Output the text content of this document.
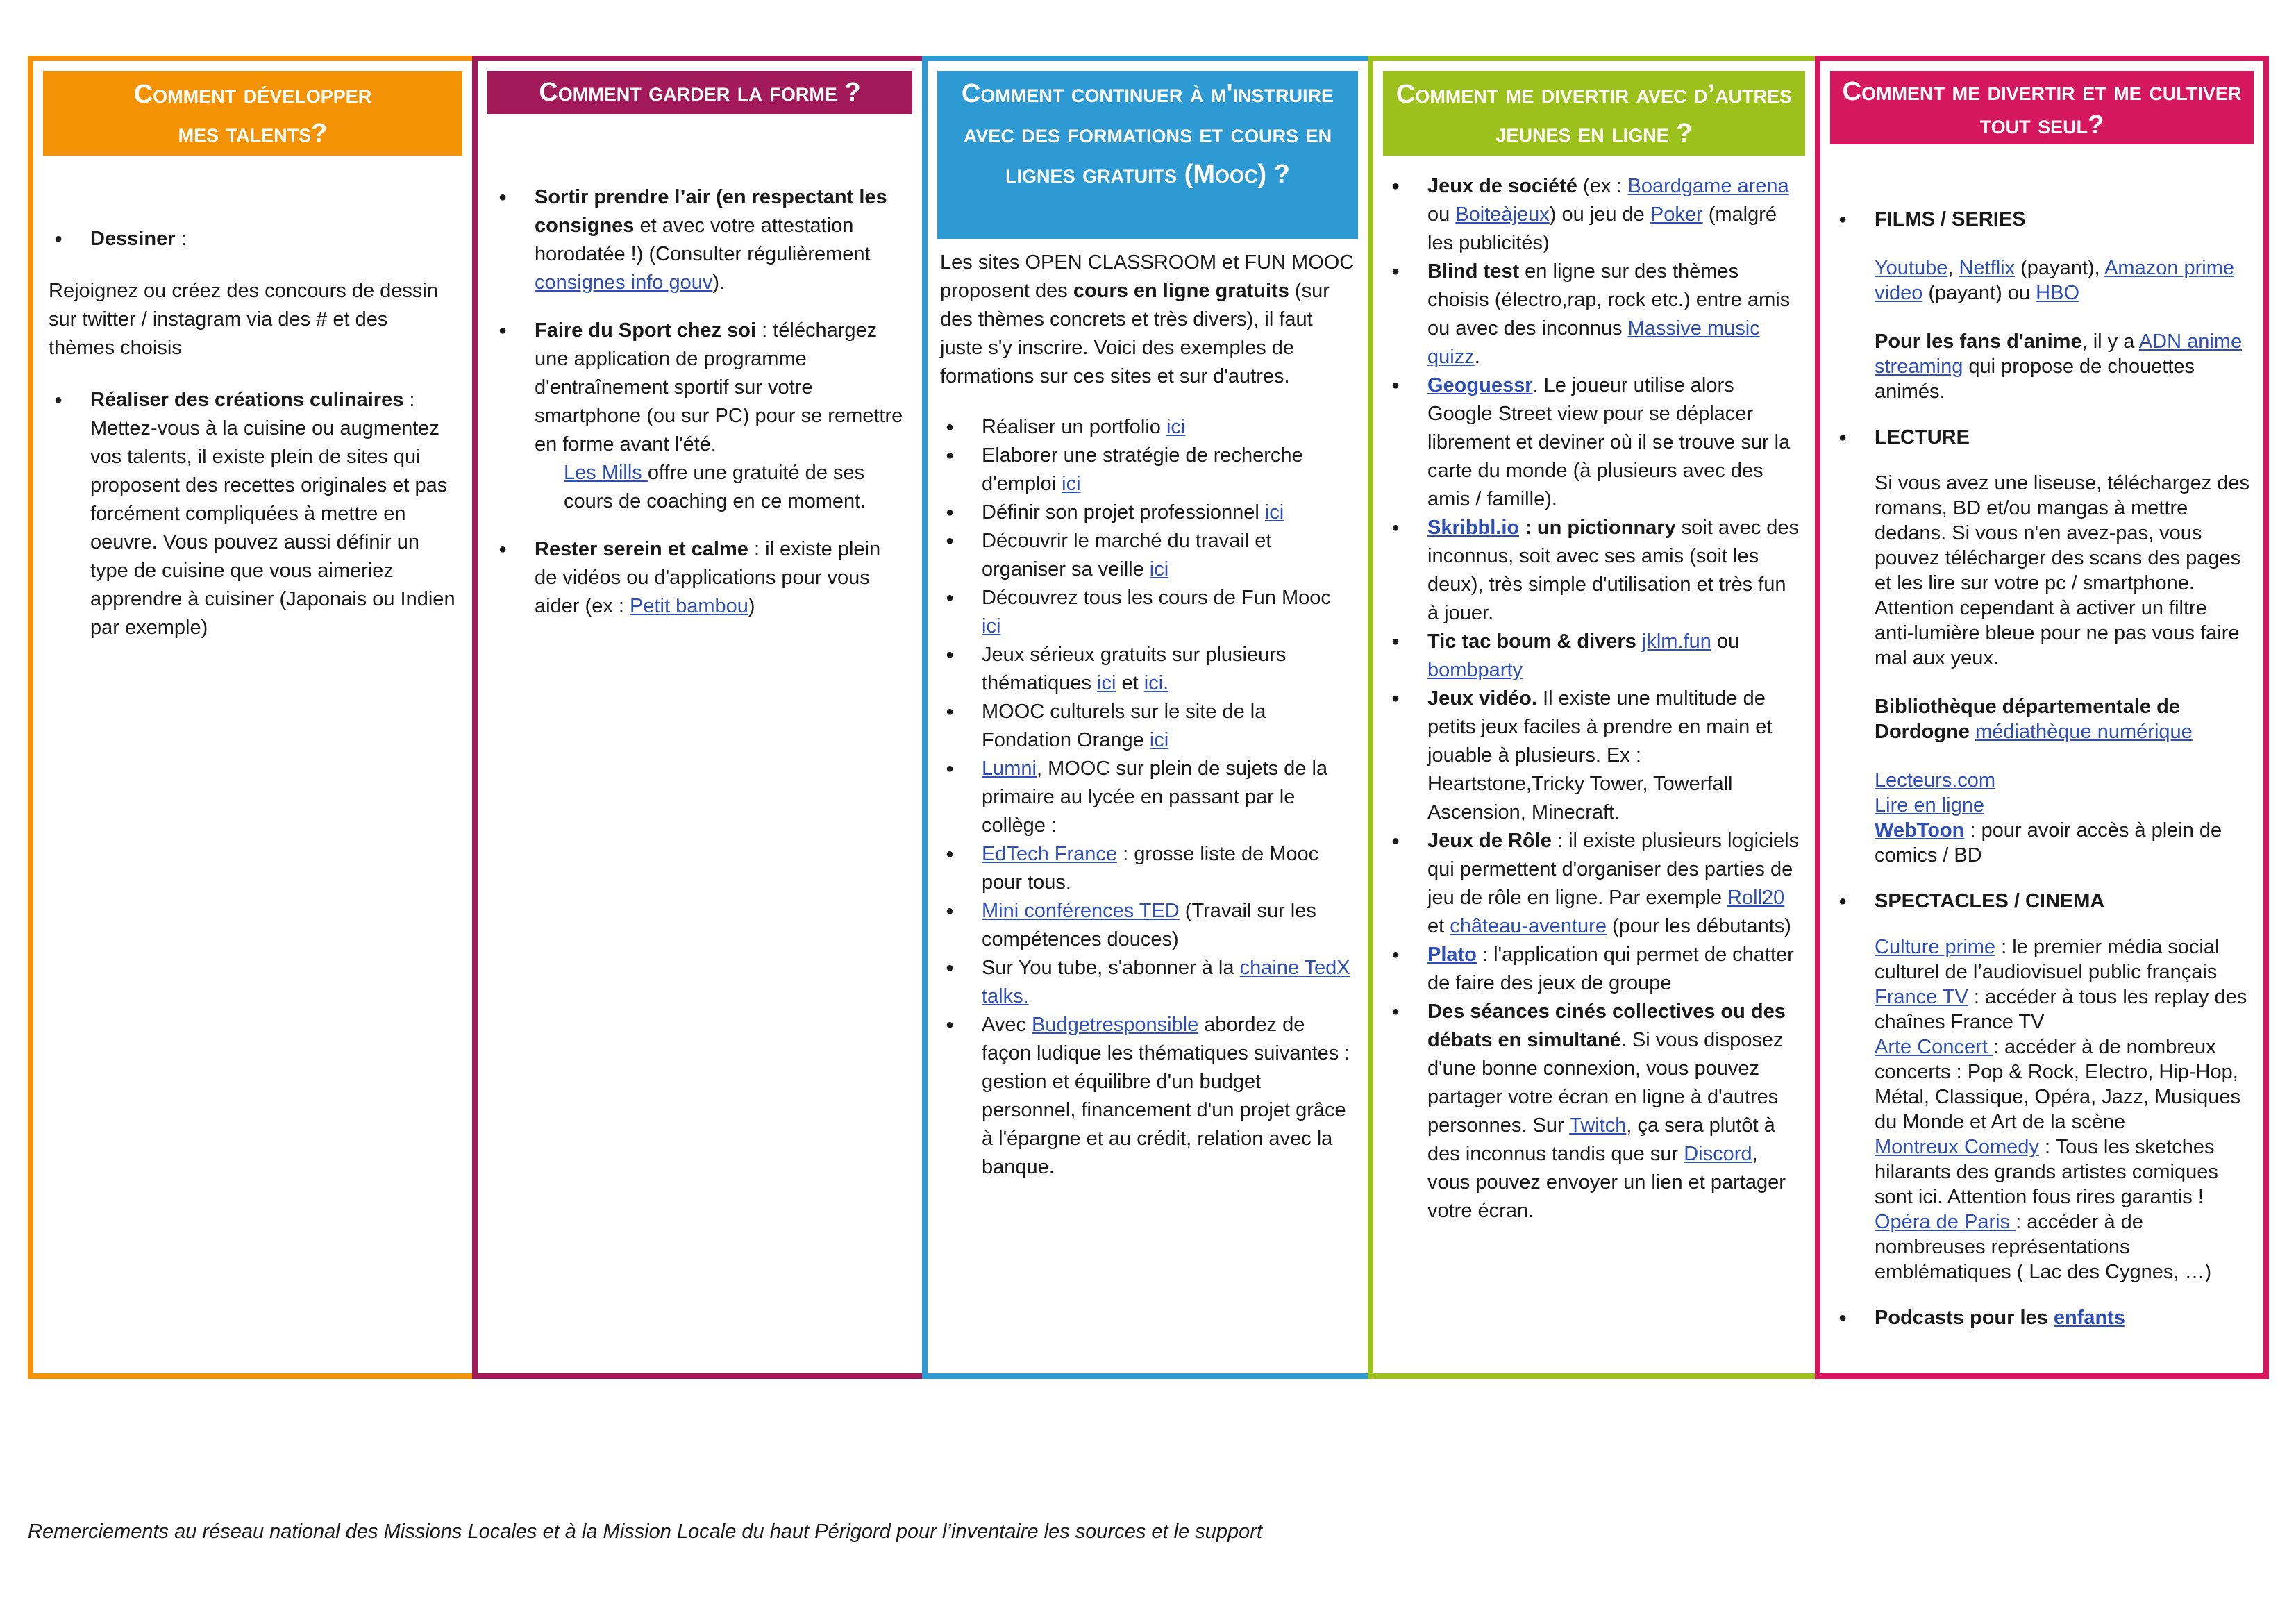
Comment développer
mes talents?
● Dessiner :

Rejoignez ou créez des concours de dessin sur twitter / instagram via des # et des thèmes choisis

● Réaliser des créations culinaires : Mettez-vous à la cuisine ou augmentez vos talents, il existe plein de sites qui proposent des recettes originales et pas forcément compliquées à mettre en oeuvre. Vous pouvez aussi définir un type de cuisine que vous aimeriez apprendre à cuisiner (Japonais ou Indien par exemple)
Comment garder la forme ?
● Sortir prendre l’air (en respectant les consignes et avec votre attestation horodatée !) (Consulter régulièrement consignes info gouv).
● Faire du Sport chez soi : téléchargez une application de programme d'entraînement sportif sur votre smartphone (ou sur PC) pour se remettre en forme avant l'été.
Les Mills offre une gratuité de ses cours de coaching en ce moment.
● Rester serein et calme : il existe plein de vidéos ou d'applications pour vous aider (ex : Petit bambou)
Comment continuer à m'instruire avec des formations et cours en lignes gratuits (Mooc) ?

Les sites OPEN CLASSROOM et FUN MOOC proposent des cours en ligne gratuits (sur des thèmes concrets et très divers), il faut juste s'y inscrire. Voici des exemples de formations sur ces sites et sur d'autres.

● Réaliser un portfolio ici
● Elaborer une stratégie de recherche d'emploi ici
● Définir son projet professionnel ici
● Découvrir le marché du travail et organiser sa veille ici
● Découvrez tous les cours de Fun Mooc ici
● Jeux sérieux gratuits sur plusieurs thématiques ici et ici.
● MOOC culturels sur le site de la Fondation Orange ici
● Lumni, MOOC sur plein de sujets de la primaire au lycée en passant par le collège :
● EdTech France : grosse liste de Mooc pour tous.
● Mini conférences TED (Travail sur les compétences douces)
● Sur You tube, s'abonner à la chaine TedX talks.
● Avec Budgetresponsible abordez de façon ludique les thématiques suivantes : gestion et équilibre d'un budget personnel, financement d'un projet grâce à l'épargne et au crédit, relation avec la banque.
Comment me divertir avec d’autres jeunes en ligne ?
● Jeux de société (ex : Boardgame arena ou Boiteàjeux) ou jeu de Poker (malgré les publicités)
● Blind test en ligne sur des thèmes choisis (électro,rap, rock etc.) entre amis ou avec des inconnus Massive music quizz.
● Geoguessr. Le joueur utilise alors Google Street view pour se déplacer librement et deviner où il se trouve sur la carte du monde (à plusieurs avec des amis / famille).
● Skribbl.io : un pictionnary soit avec des inconnus, soit avec ses amis (soit les deux), très simple d'utilisation et très fun à jouer.
● Tic tac boum & divers jklm.fun ou bombparty
● Jeux vidéo. Il existe une multitude de petits jeux faciles à prendre en main et jouable à plusieurs. Ex : Heartstone,Tricky Tower, Towerfall Ascension, Minecraft.
● Jeux de Rôle : il existe plusieurs logiciels qui permettent d'organiser des parties de jeu de rôle en ligne. Par exemple Roll20 et château-aventure (pour les débutants)
● Plato : l'application qui permet de chatter de faire des jeux de groupe
● Des séances cinés collectives ou des débats en simultané. Si vous disposez d'une bonne connexion, vous pouvez partager votre écran en ligne à d'autres personnes. Sur Twitch, ça sera plutôt à des inconnus tandis que sur Discord, vous pouvez envoyer un lien et partager votre écran.
Comment me divertir et me cultiver tout seul?
● FILMS / SERIES
Youtube, Netflix (payant), Amazon prime video (payant) ou HBO
Pour les fans d'anime, il y a ADN anime streaming qui propose de chouettes animés.
● LECTURE
Si vous avez une liseuse, téléchargez des romans, BD et/ou mangas à mettre dedans. Si vous n'en avez-pas, vous pouvez télécharger des scans des pages et les lire sur votre pc / smartphone. Attention cependant à activer un filtre anti-lumière bleue pour ne pas vous faire mal aux yeux.
Bibliothèque départementale de Dordogne médiathèque numérique
Lecteurs.com
Lire en ligne
WebToon : pour avoir accès à plein de comics / BD
● SPECTACLES / CINEMA
Culture prime : le premier média social culturel de l’audiovisuel public français
France TV : accéder à tous les replay des chaînes France TV
Arte Concert : accéder à de nombreux concerts : Pop & Rock, Electro, Hip-Hop, Métal, Classique, Opéra, Jazz, Musiques du Monde et Art de la scène
Montreux Comedy : Tous les sketches hilarants des grands artistes comiques sont ici. Attention fous rires garantis !
Opéra de Paris : accéder à de nombreuses représentations emblématiques ( Lac des Cygnes, …)
● Podcasts pour les enfants
Remerciements au réseau national des Missions Locales et à la Mission Locale du haut Périgord pour l’inventaire les sources et le support
